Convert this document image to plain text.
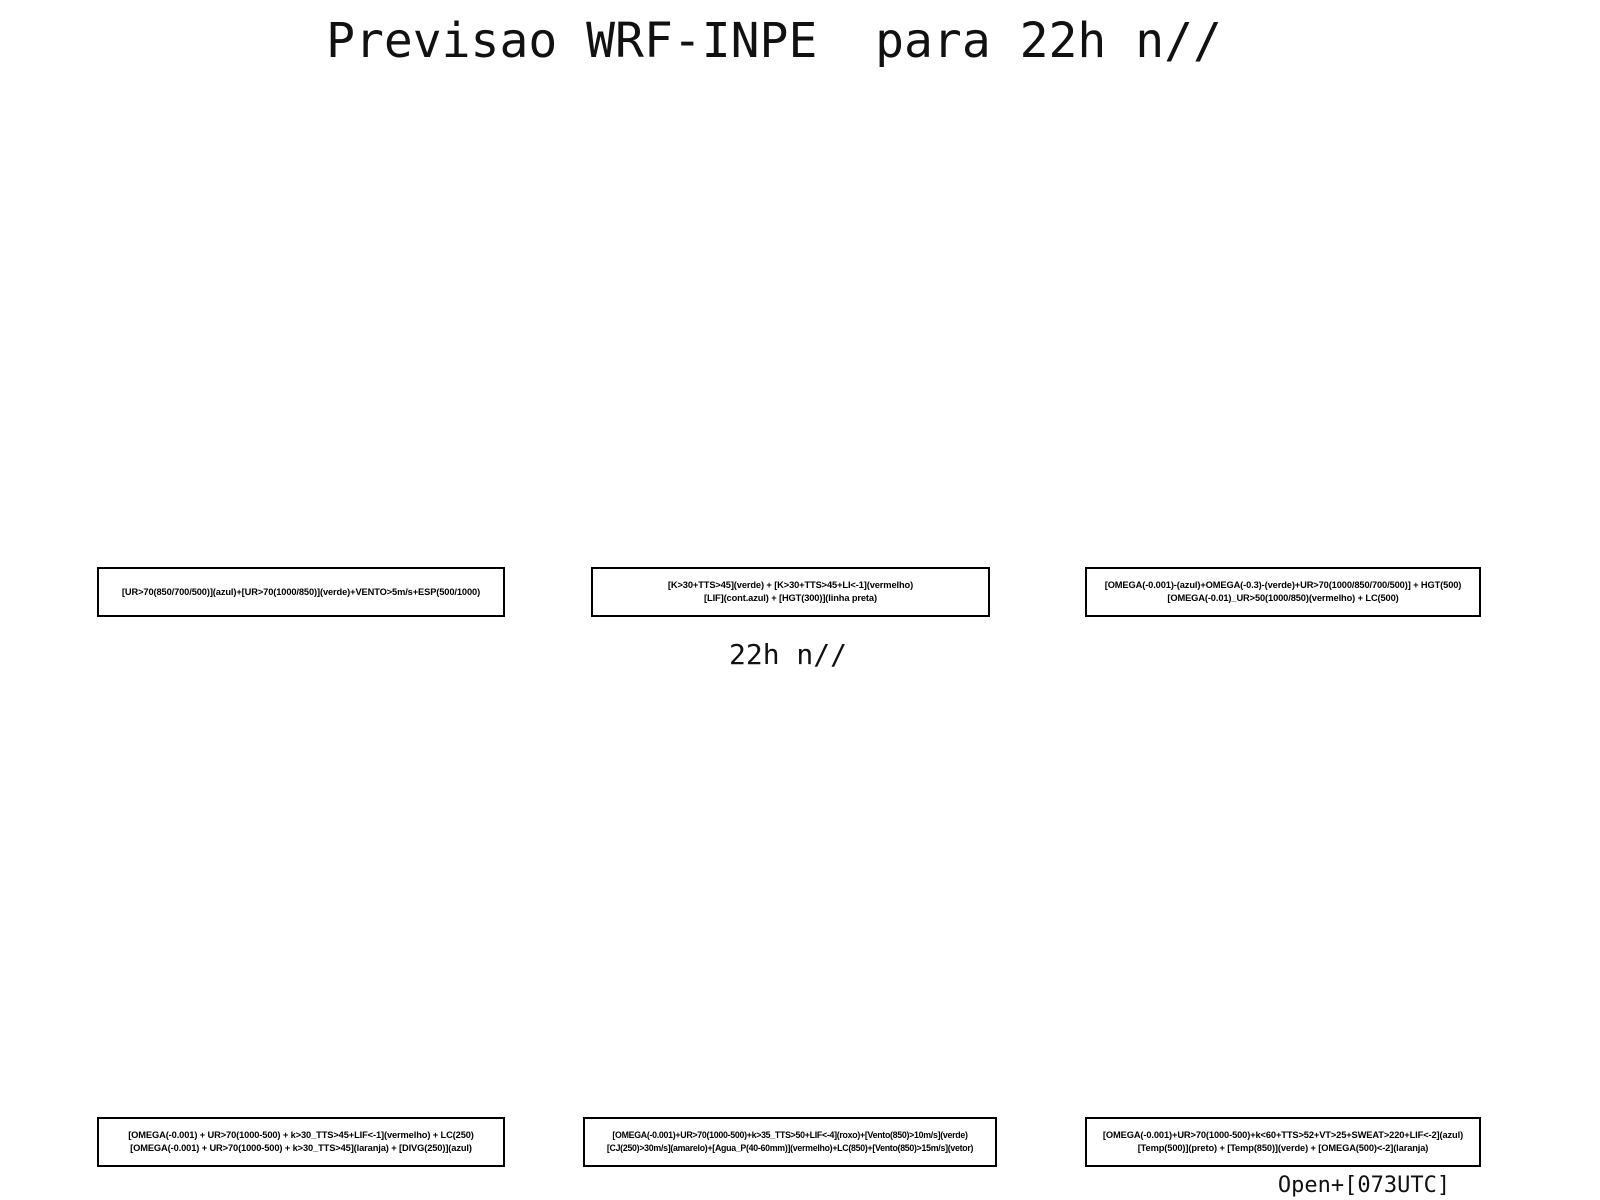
Previsao WRF-INPE  para 22h n//
[UR>70(850/700/500)](azul)+[UR>70(1000/850)](verde)+VENTO>5m/s+ESP(500/1000)
[K>30+TTS>45](verde) + [K>30+TTS>45+LI<-1](vermelho)
[LIF](cont.azul) + [HGT(300)](linha preta)
[OMEGA(-0.001)-(azul)+OMEGA(-0.3)-(verde)+UR>70(1000/850/700/500)] + HGT(500)
[OMEGA(-0.01)_UR>50(1000/850)(vermelho) + LC(500)
22h n//
[OMEGA(-0.001) + UR>70(1000-500) + k>30_TTS>45+LIF<-1](vermelho) + LC(250)
[OMEGA(-0.001) + UR>70(1000-500) + k>30_TTS>45](laranja) + [DIVG(250)](azul)
[OMEGA(-0.001)+UR>70(1000-500)+k>35_TTS>50+LIF<-4](roxo)+[Vento(850)>10m/s](verde)
[CJ(250)>30m/s](amarelo)+[Agua_P(40-60mm)](vermelho)+LC(850)+[Vento(850)>15m/s](vetor)
[OMEGA(-0.001)+UR>70(1000-500)+k<60+TTS>52+VT>25+SWEAT>220+LIF<-2](azul)
[Temp(500)](preto) + [Temp(850)](verde) + [OMEGA(500)<-2](laranja)
Open+[073UTC]
